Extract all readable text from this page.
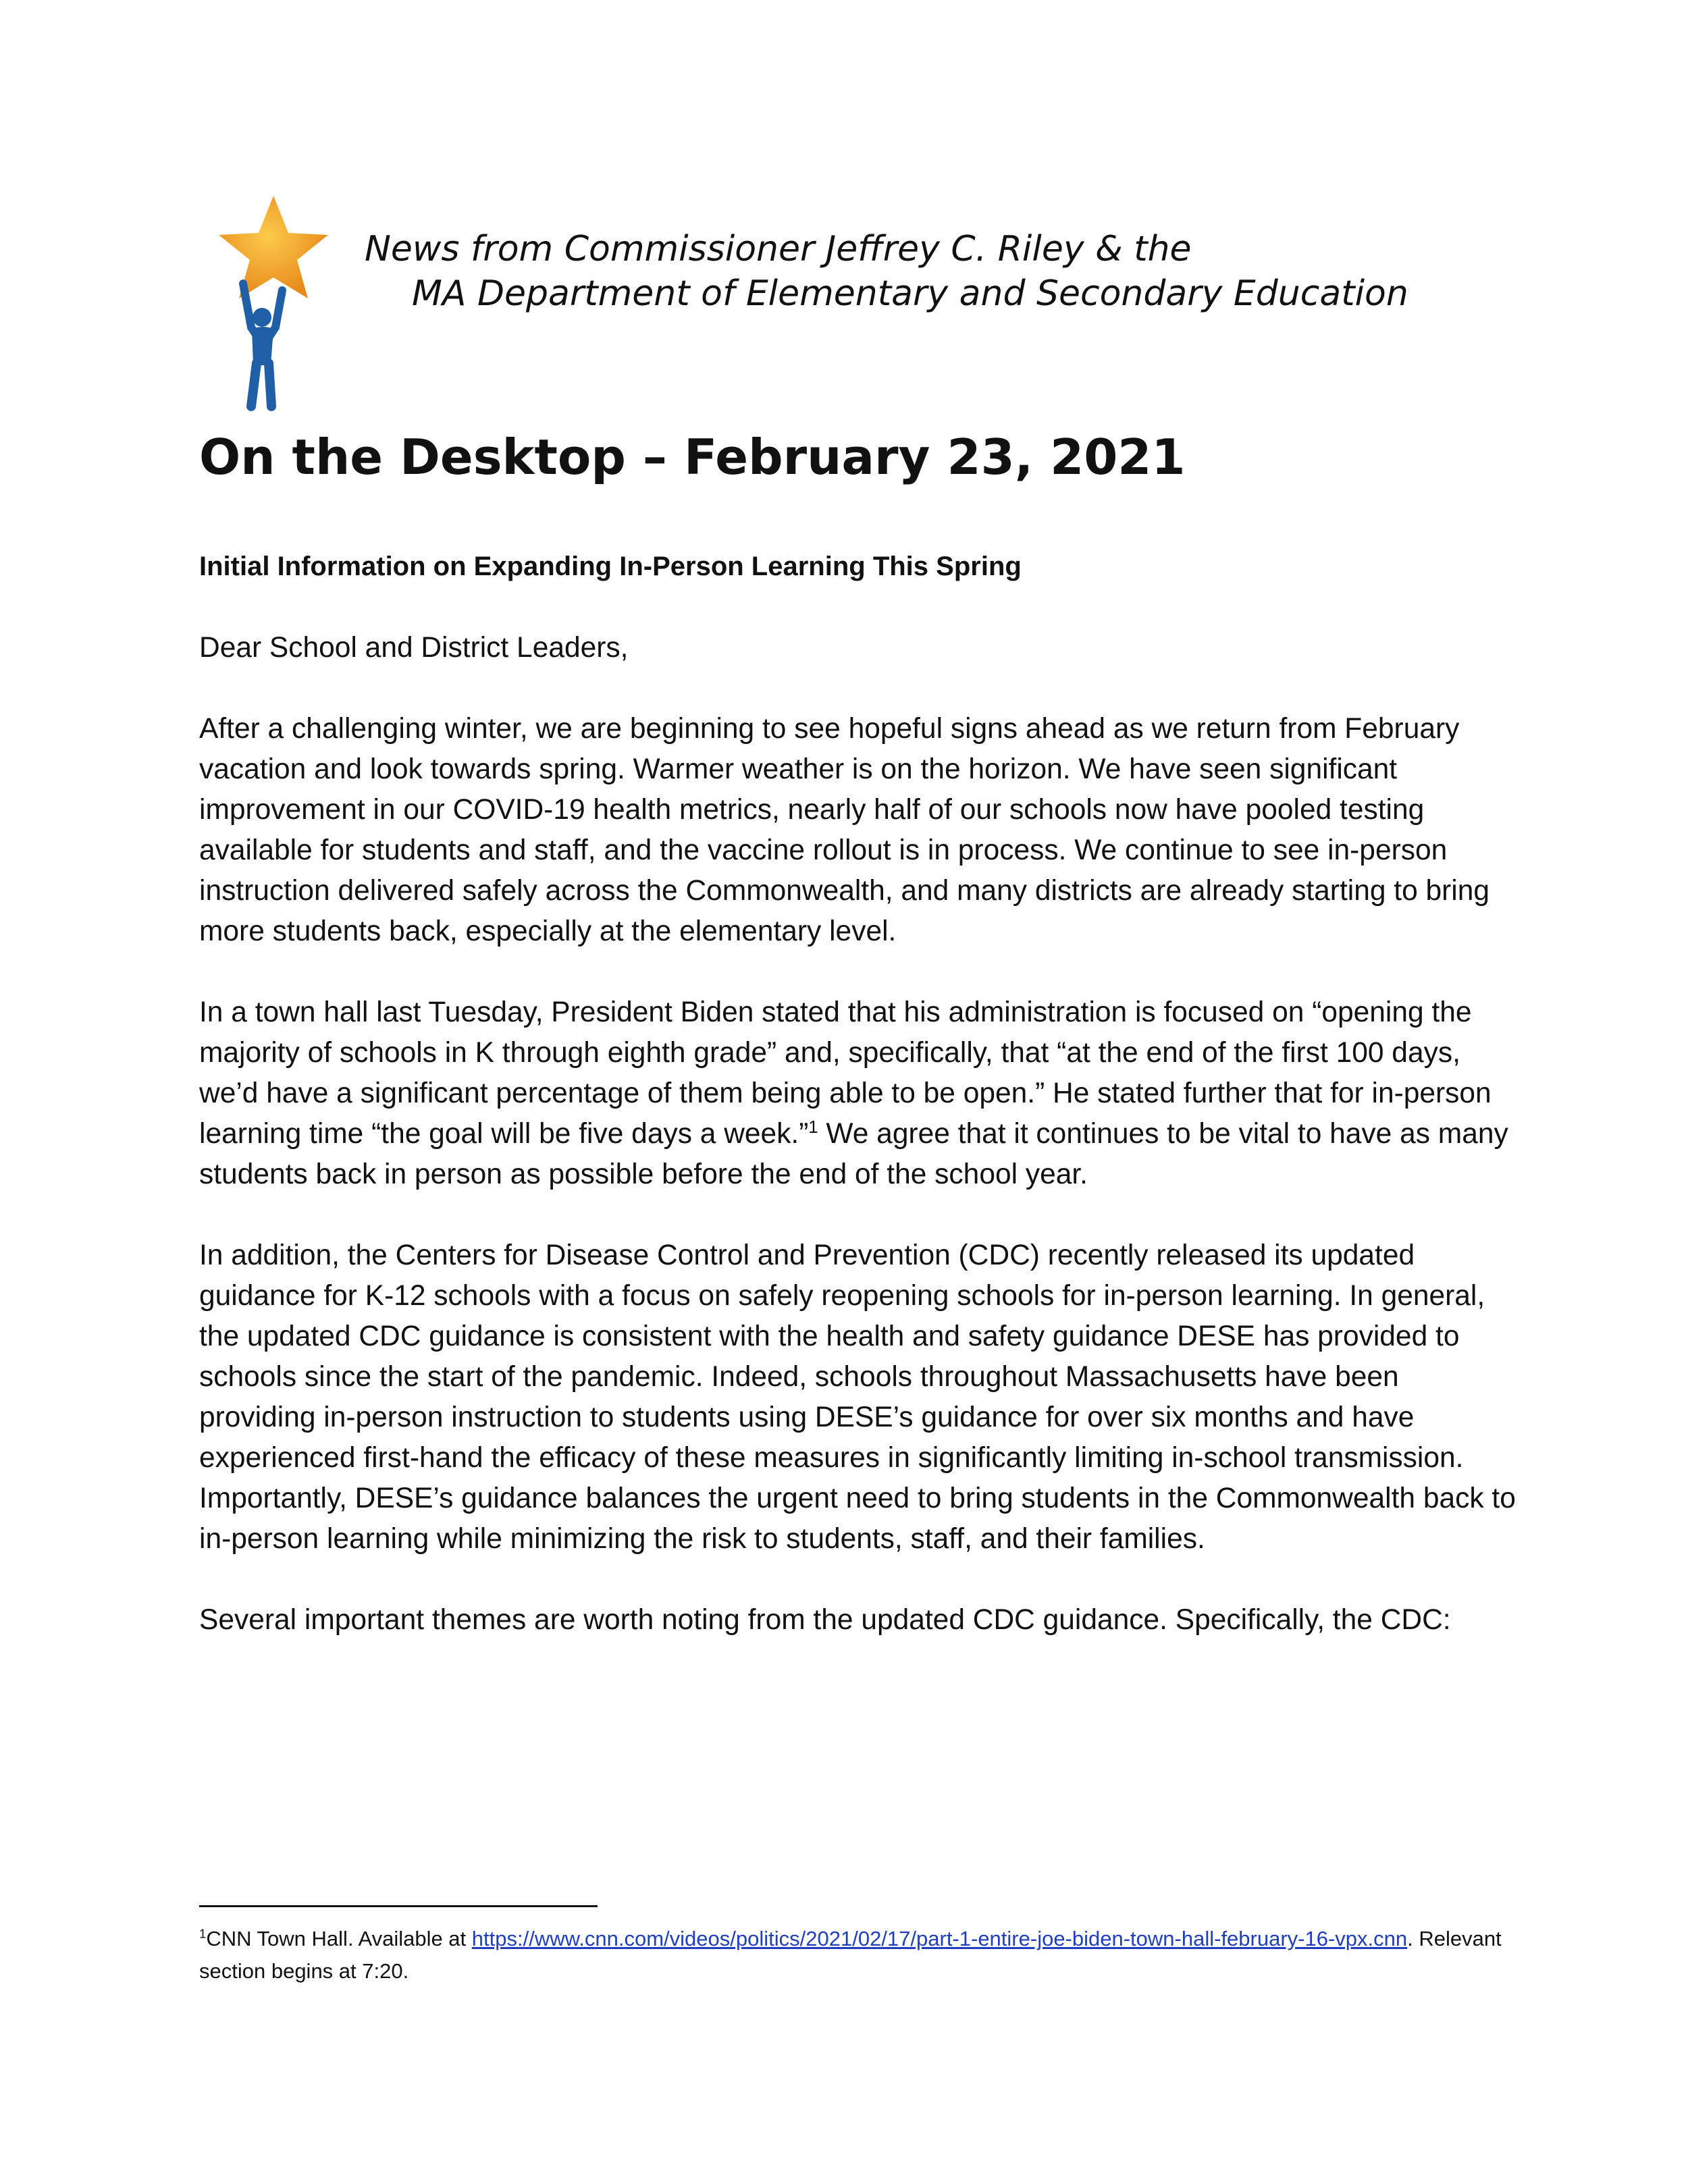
News from Commissioner Jeffrey C. Riley & the
MA Department of Elementary and Secondary Education
On the Desktop – February 23, 2021
Initial Information on Expanding In-Person Learning This Spring

Dear School and District Leaders,

After a challenging winter, we are beginning to see hopeful signs ahead as we return from February vacation and look towards spring. Warmer weather is on the horizon. We have seen significant improvement in our COVID-19 health metrics, nearly half of our schools now have pooled testing available for students and staff, and the vaccine rollout is in process. We continue to see in-person instruction delivered safely across the Commonwealth, and many districts are already starting to bring more students back, especially at the elementary level.

In a town hall last Tuesday, President Biden stated that his administration is focused on “opening the majority of schools in K through eighth grade” and, specifically, that “at the end of the first 100 days, we’d have a significant percentage of them being able to be open.” He stated further that for in-person learning time “the goal will be five days a week.”$^1$ We agree that it continues to be vital to have as many students back in person as possible before the end of the school year.

In addition, the Centers for Disease Control and Prevention (CDC) recently released its updated guidance for K-12 schools with a focus on safely reopening schools for in-person learning. In general, the updated CDC guidance is consistent with the health and safety guidance DESE has provided to schools since the start of the pandemic. Indeed, schools throughout Massachusetts have been providing in-person instruction to students using DESE’s guidance for over six months and have experienced first-hand the efficacy of these measures in significantly limiting in-school transmission. Importantly, DESE’s guidance balances the urgent need to bring students in the Commonwealth back to in-person learning while minimizing the risk to students, staff, and their families.

Several important themes are worth noting from the updated CDC guidance. Specifically, the CDC:

$^1$CNN Town Hall. Available at https://www.cnn.com/videos/politics/2021/02/17/part-1-entire-joe-biden-town-hall-february-16-vpx.cnn. Relevant section begins at 7:20.
